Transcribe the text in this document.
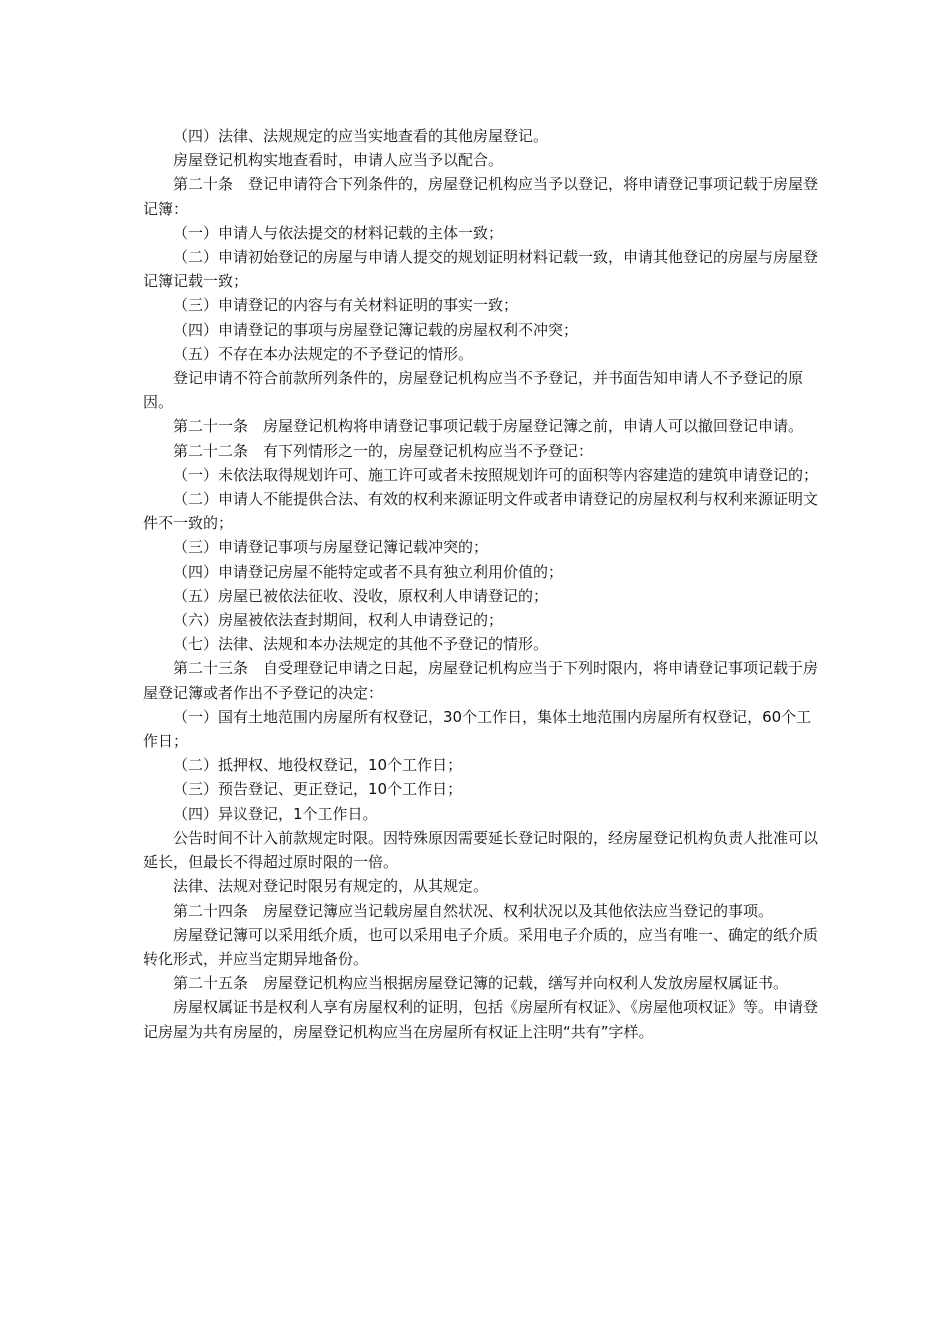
（四）法律、法规规定的应当实地查看的其他房屋登记。

房屋登记机构实地查看时，申请人应当予以配合。

第二十条　登记申请符合下列条件的，房屋登记机构应当予以登记，将申请登记事项记载于房屋登记簿：

（一）申请人与依法提交的材料记载的主体一致；

（二）申请初始登记的房屋与申请人提交的规划证明材料记载一致，申请其他登记的房屋与房屋登记簿记载一致；

（三）申请登记的内容与有关材料证明的事实一致；

（四）申请登记的事项与房屋登记簿记载的房屋权利不冲突；

（五）不存在本办法规定的不予登记的情形。

登记申请不符合前款所列条件的，房屋登记机构应当不予登记，并书面告知申请人不予登记的原因。

第二十一条　房屋登记机构将申请登记事项记载于房屋登记簿之前，申请人可以撤回登记申请。

第二十二条　有下列情形之一的，房屋登记机构应当不予登记：

（一）未依法取得规划许可、施工许可或者未按照规划许可的面积等内容建造的建筑申请登记的；

（二）申请人不能提供合法、有效的权利来源证明文件或者申请登记的房屋权利与权利来源证明文件不一致的；

（三）申请登记事项与房屋登记簿记载冲突的；

（四）申请登记房屋不能特定或者不具有独立利用价值的；

（五）房屋已被依法征收、没收，原权利人申请登记的；

（六）房屋被依法查封期间，权利人申请登记的；

（七）法律、法规和本办法规定的其他不予登记的情形。

第二十三条　自受理登记申请之日起，房屋登记机构应当于下列时限内，将申请登记事项记载于房屋登记簿或者作出不予登记的决定：

（一）国有土地范围内房屋所有权登记，30个工作日，集体土地范围内房屋所有权登记，60个工作日；

（二）抵押权、地役权登记，10个工作日；

（三）预告登记、更正登记，10个工作日；

（四）异议登记，1个工作日。

公告时间不计入前款规定时限。因特殊原因需要延长登记时限的，经房屋登记机构负责人批准可以延长，但最长不得超过原时限的一倍。

法律、法规对登记时限另有规定的，从其规定。

第二十四条　房屋登记簿应当记载房屋自然状况、权利状况以及其他依法应当登记的事项。

房屋登记簿可以采用纸介质，也可以采用电子介质。采用电子介质的，应当有唯一、确定的纸介质转化形式，并应当定期异地备份。

第二十五条　房屋登记机构应当根据房屋登记簿的记载，缮写并向权利人发放房屋权属证书。

房屋权属证书是权利人享有房屋权利的证明，包括《房屋所有权证》、《房屋他项权证》等。申请登记房屋为共有房屋的，房屋登记机构应当在房屋所有权证上注明“共有”字样。
